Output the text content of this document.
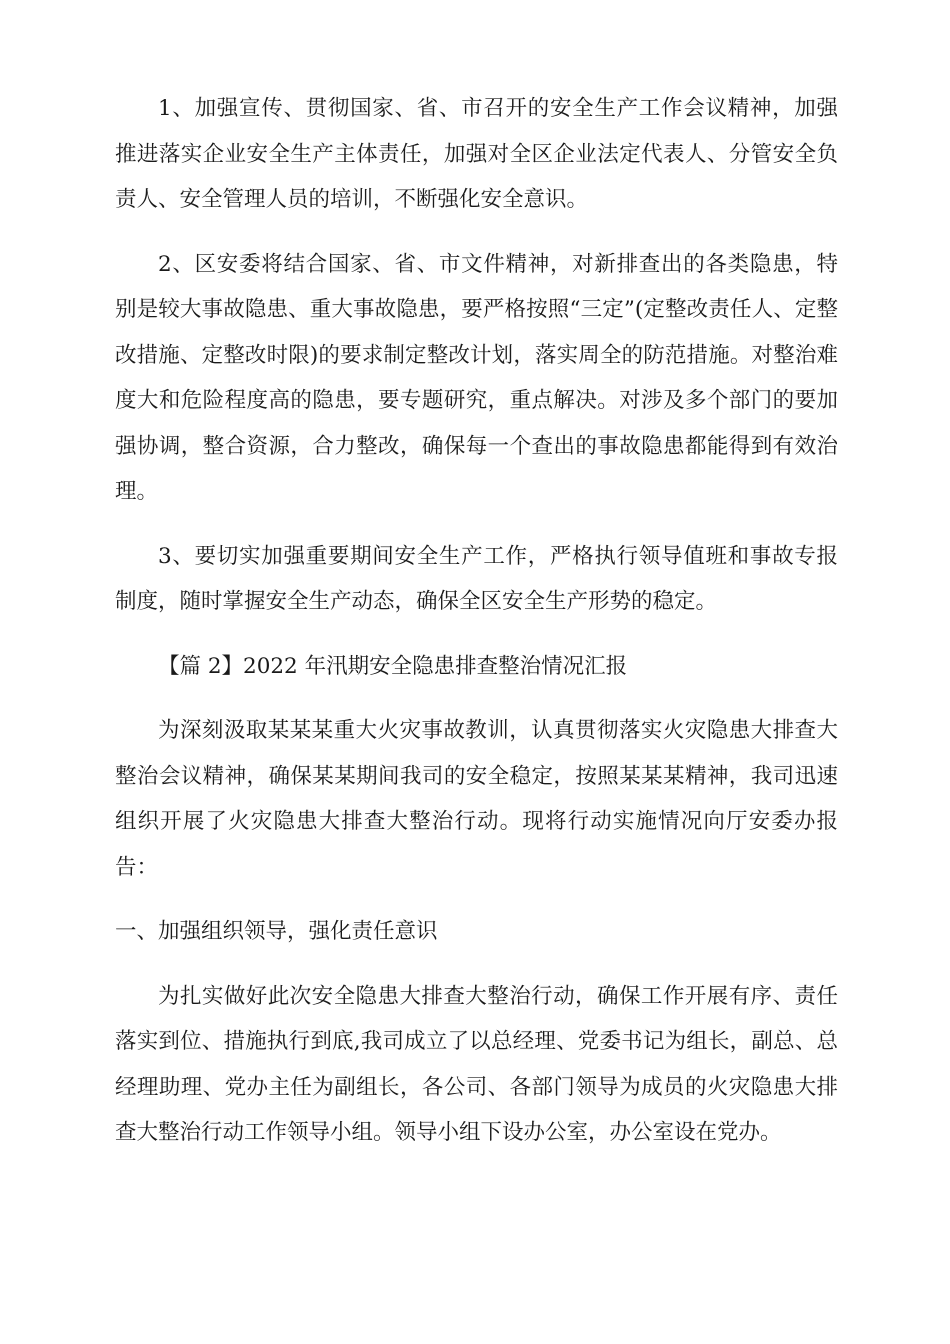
1、加强宣传、贯彻国家、省、市召开的安全生产工作会议精神，加强推进落实企业安全生产主体责任，加强对全区企业法定代表人、分管安全负责人、安全管理人员的培训，不断强化安全意识。

2、区安委将结合国家、省、市文件精神，对新排查出的各类隐患，特别是较大事故隐患、重大事故隐患，要严格按照“三定”(定整改责任人、定整改措施、定整改时限)的要求制定整改计划，落实周全的防范措施。对整治难度大和危险程度高的隐患，要专题研究，重点解决。对涉及多个部门的要加强协调，整合资源，合力整改，确保每一个查出的事故隐患都能得到有效治理。

3、要切实加强重要期间安全生产工作，严格执行领导值班和事故专报制度，随时掌握安全生产动态，确保全区安全生产形势的稳定。

【篇 2】2022 年汛期安全隐患排查整治情况汇报

为深刻汲取某某某重大火灾事故教训，认真贯彻落实火灾隐患大排查大整治会议精神，确保某某期间我司的安全稳定，按照某某某精神，我司迅速组织开展了火灾隐患大排查大整治行动。现将行动实施情况向厅安委办报告：

一、加强组织领导，强化责任意识

为扎实做好此次安全隐患大排查大整治行动，确保工作开展有序、责任落实到位、措施执行到底,我司成立了以总经理、党委书记为组长，副总、总经理助理、党办主任为副组长，各公司、各部门领导为成员的火灾隐患大排查大整治行动工作领导小组。领导小组下设办公室，办公室设在党办。
